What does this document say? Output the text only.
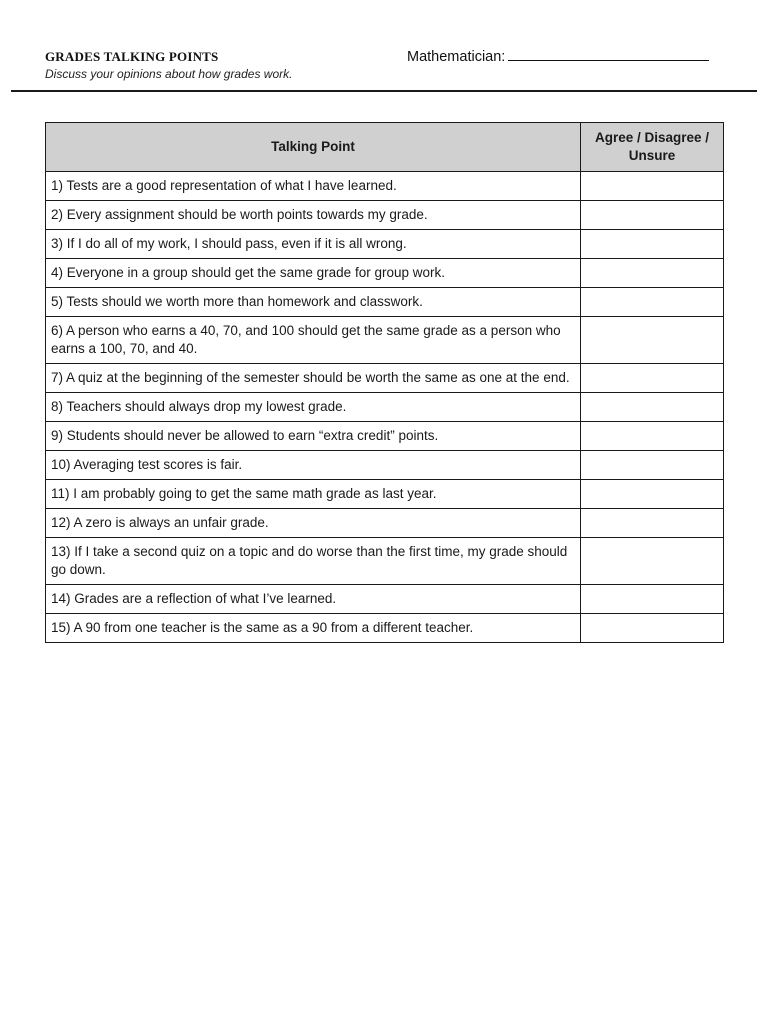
GRADES TALKING POINTS
Discuss your opinions about how grades work.
Mathematician:
Talking Point	Agree / Disagree / Unsure
1) Tests are a good representation of what I have learned.	
2) Every assignment should be worth points towards my grade.	
3) If I do all of my work, I should pass, even if it is all wrong.	
4) Everyone in a group should get the same grade for group work.	
5) Tests should we worth more than homework and classwork.	
6) A person who earns a 40, 70, and 100 should get the same grade as a person who earns a 100, 70, and 40.	
7) A quiz at the beginning of the semester should be worth the same as one at the end.	
8) Teachers should always drop my lowest grade.	
9) Students should never be allowed to earn “extra credit” points.	
10) Averaging test scores is fair.	
11) I am probably going to get the same math grade as last year.	
12) A zero is always an unfair grade.	
13) If I take a second quiz on a topic and do worse than the first time, my grade should go down.	
14) Grades are a reflection of what I’ve learned.	
15) A 90 from one teacher is the same as a 90 from a different teacher.	
